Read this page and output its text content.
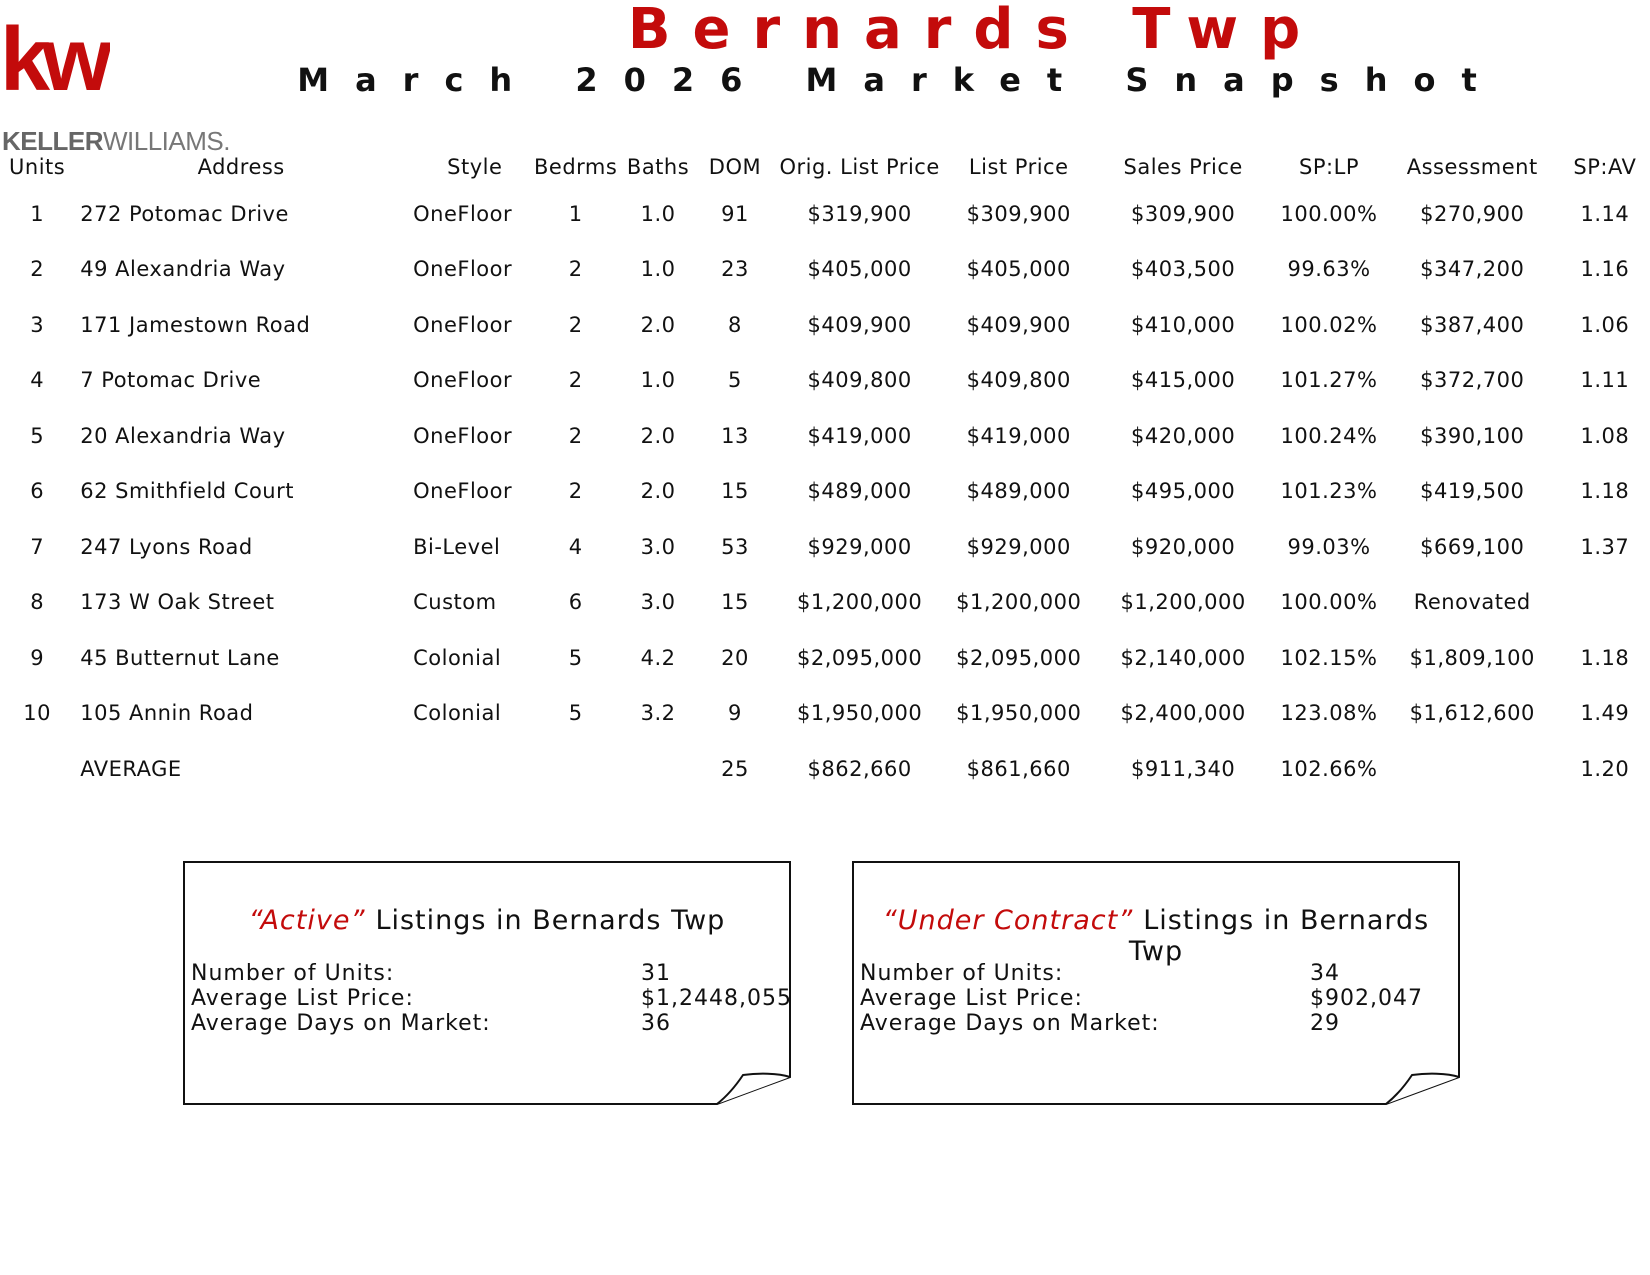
kw
KELLERWILLIAMS.
Bernards Twp
March 2026 Market Snapshot
Units	Address	Style	Bedrms	Baths	DOM	Orig. List Price	List Price	Sales Price	SP:LP	Assessment	SP:AV
1	272 Potomac Drive	OneFloor	1	1.0	91	$319,900	$309,900	$309,900	100.00%	$270,900	1.14
2	49 Alexandria Way	OneFloor	2	1.0	23	$405,000	$405,000	$403,500	99.63%	$347,200	1.16
3	171 Jamestown Road	OneFloor	2	2.0	8	$409,900	$409,900	$410,000	100.02%	$387,400	1.06
4	7 Potomac Drive	OneFloor	2	1.0	5	$409,800	$409,800	$415,000	101.27%	$372,700	1.11
5	20 Alexandria Way	OneFloor	2	2.0	13	$419,000	$419,000	$420,000	100.24%	$390,100	1.08
6	62 Smithfield Court	OneFloor	2	2.0	15	$489,000	$489,000	$495,000	101.23%	$419,500	1.18
7	247 Lyons Road	Bi-Level	4	3.0	53	$929,000	$929,000	$920,000	99.03%	$669,100	1.37
8	173 W Oak Street	Custom	6	3.0	15	$1,200,000	$1,200,000	$1,200,000	100.00%	Renovated	
9	45 Butternut Lane	Colonial	5	4.2	20	$2,095,000	$2,095,000	$2,140,000	102.15%	$1,809,100	1.18
10	105 Annin Road	Colonial	5	3.2	9	$1,950,000	$1,950,000	$2,400,000	123.08%	$1,612,600	1.49
	AVERAGE				25	$862,660	$861,660	$911,340	102.66%		1.20
“Active” Listings in Bernards Twp
Number of Units:	31
Average List Price:	$1,2448,055
Average Days on Market:	36
“Under Contract” Listings in Bernards Twp
Number of Units:	34
Average List Price:	$902,047
Average Days on Market:	29
